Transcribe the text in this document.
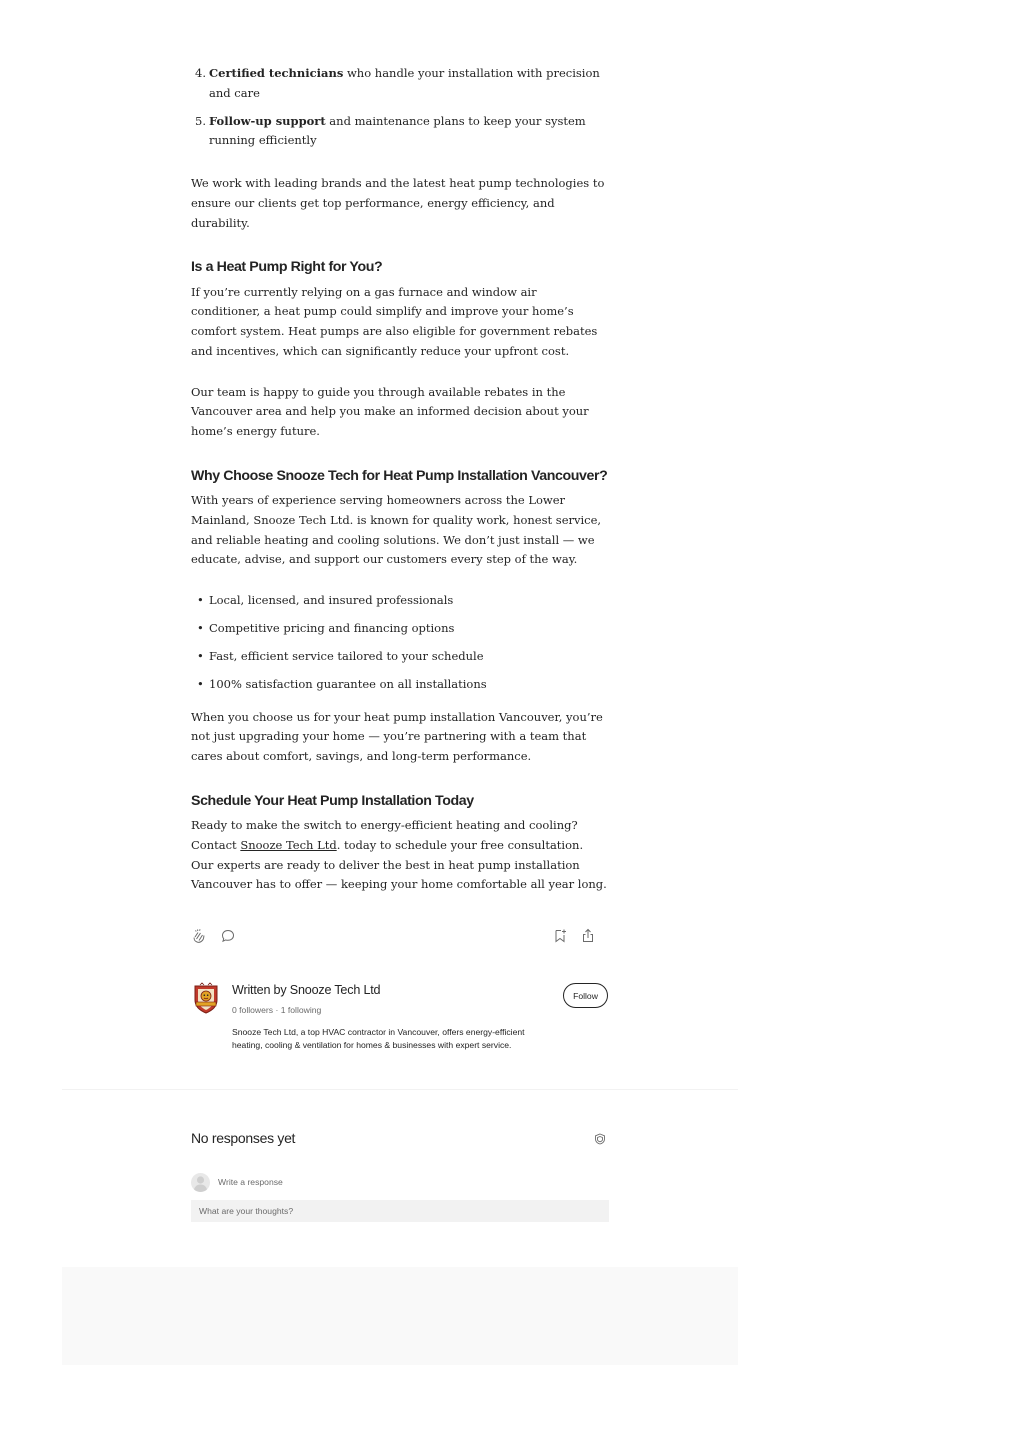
4. Certified technicians who handle your installation with precision and care
5. Follow-up support and maintenance plans to keep your system running efficiently

We work with leading brands and the latest heat pump technologies to ensure our clients get top performance, energy efficiency, and durability.

Is a Heat Pump Right for You?

If you’re currently relying on a gas furnace and window air conditioner, a heat pump could simplify and improve your home’s comfort system. Heat pumps are also eligible for government rebates and incentives, which can significantly reduce your upfront cost.

Our team is happy to guide you through available rebates in the Vancouver area and help you make an informed decision about your home’s energy future.

Why Choose Snooze Tech for Heat Pump Installation Vancouver?

With years of experience serving homeowners across the Lower Mainland, Snooze Tech Ltd. is known for quality work, honest service, and reliable heating and cooling solutions. We don’t just install — we educate, advise, and support our customers every step of the way.

• Local, licensed, and insured professionals
• Competitive pricing and financing options
• Fast, efficient service tailored to your schedule
• 100% satisfaction guarantee on all installations

When you choose us for your heat pump installation Vancouver, you’re not just upgrading your home — you’re partnering with a team that cares about comfort, savings, and long-term performance.

Schedule Your Heat Pump Installation Today

Ready to make the switch to energy-efficient heating and cooling? Contact Snooze Tech Ltd. today to schedule your free consultation. Our experts are ready to deliver the best in heat pump installation Vancouver has to offer — keeping your home comfortable all year long.

Written by Snooze Tech Ltd
0 followers · 1 following
Snooze Tech Ltd, a top HVAC contractor in Vancouver, offers energy-efficient heating, cooling & ventilation for homes & businesses with expert service.
Follow
No responses yet
Write a response
What are your thoughts?
